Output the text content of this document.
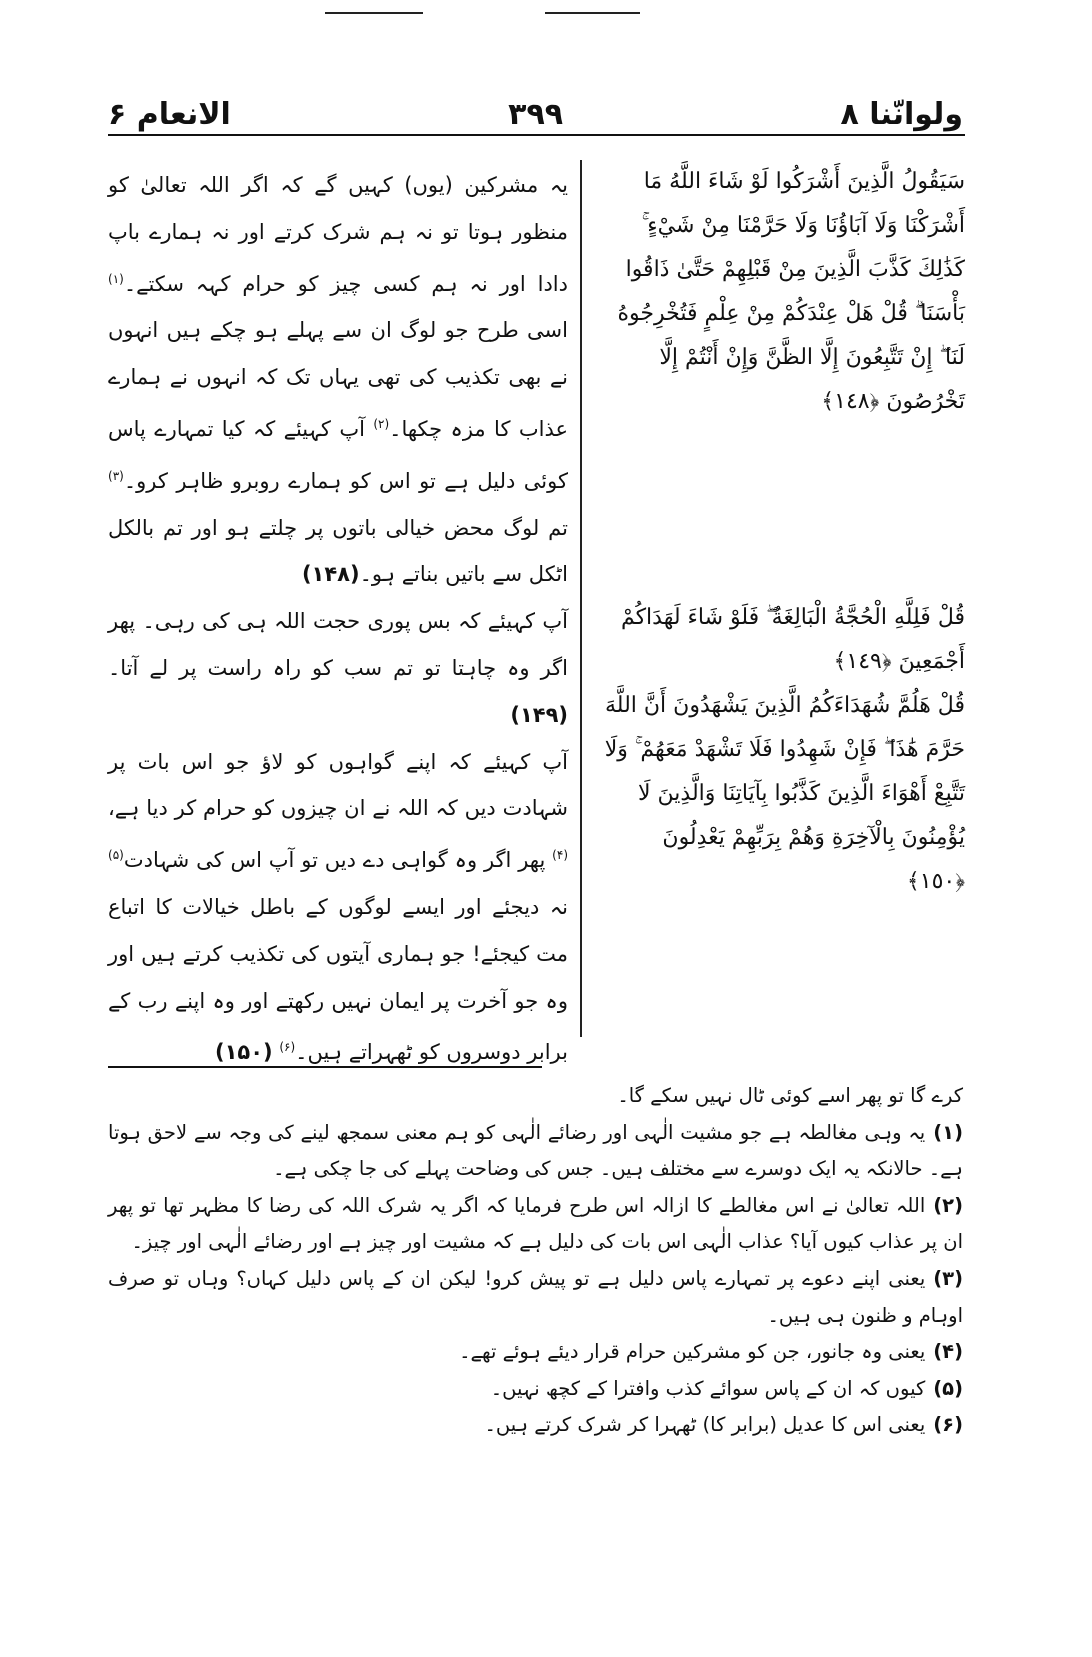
الانعام ۶	۳۹۹	ولوانّنا ۸

سَيَقُولُ الَّذِينَ أَشْرَكُوا لَوْ شَاءَ اللَّهُ مَا أَشْرَكْنَا وَلَا آبَاؤُنَا وَلَا حَرَّمْنَا مِنْ شَيْءٍ ۚ كَذَٰلِكَ كَذَّبَ الَّذِينَ مِنْ قَبْلِهِمْ حَتَّىٰ ذَاقُوا بَأْسَنَا ۗ قُلْ هَلْ عِنْدَكُمْ مِنْ عِلْمٍ فَتُخْرِجُوهُ لَنَا ۖ إِنْ تَتَّبِعُونَ إِلَّا الظَّنَّ وَإِنْ أَنْتُمْ إِلَّا تَخْرُصُونَ ﴿١٤٨﴾

قُلْ فَلِلَّهِ الْحُجَّةُ الْبَالِغَةُ ۖ فَلَوْ شَاءَ لَهَدَاكُمْ أَجْمَعِينَ ﴿١٤٩﴾

قُلْ هَلُمَّ شُهَدَاءَكُمُ الَّذِينَ يَشْهَدُونَ أَنَّ اللَّهَ حَرَّمَ هَٰذَا ۖ فَإِنْ شَهِدُوا فَلَا تَشْهَدْ مَعَهُمْ ۚ وَلَا تَتَّبِعْ أَهْوَاءَ الَّذِينَ كَذَّبُوا بِآيَاتِنَا وَالَّذِينَ لَا يُؤْمِنُونَ بِالْآخِرَةِ وَهُمْ بِرَبِّهِمْ يَعْدِلُونَ ﴿١٥٠﴾

یہ مشرکین (یوں) کہیں گے کہ اگر اللہ تعالیٰ کو منظور ہوتا تو نہ ہم شرک کرتے اور نہ ہمارے باپ دادا اور نہ ہم کسی چیز کو حرام کہہ سکتے۔$^{(۱)}$ اسی طرح جو لوگ ان سے پہلے ہو چکے ہیں انہوں نے بھی تکذیب کی تھی یہاں تک کہ انہوں نے ہمارے عذاب کا مزہ چکھا۔$^{(۲)}$ آپ کہیئے کہ کیا تمہارے پاس کوئی دلیل ہے تو اس کو ہمارے روبرو ظاہر کرو۔$^{(۳)}$ تم لوگ محض خیالی باتوں پر چلتے ہو اور تم بالکل اٹکل سے باتیں بناتے ہو۔(۱۴۸)

آپ کہیئے کہ بس پوری حجت اللہ ہی کی رہی۔ پھر اگر وہ چاہتا تو تم سب کو راہ راست پر لے آتا۔(۱۴۹)

آپ کہیئے کہ اپنے گواہوں کو لاؤ جو اس بات پر شہادت دیں کہ اللہ نے ان چیزوں کو حرام کر دیا ہے،$^{(۴)}$ پھر اگر وہ گواہی دے دیں تو آپ اس کی شہادت$^{(۵)}$ نہ دیجئے اور ایسے لوگوں کے باطل خیالات کا اتباع مت کیجئے! جو ہماری آیتوں کی تکذیب کرتے ہیں اور وہ جو آخرت پر ایمان نہیں رکھتے اور وہ اپنے رب کے برابر دوسروں کو ٹھہراتے ہیں۔$^{(۶)}$ (۱۵۰)

کرے گا تو پھر اسے کوئی ٹال نہیں سکے گا۔

(۱)یہ وہی مغالطہ ہے جو مشیت الٰہی اور رضائے الٰہی کو ہم معنی سمجھ لینے کی وجہ سے لاحق ہوتا ہے۔ حالانکہ یہ ایک دوسرے سے مختلف ہیں۔ جس کی وضاحت پہلے کی جا چکی ہے۔

(۲)اللہ تعالیٰ نے اس مغالطے کا ازالہ اس طرح فرمایا کہ اگر یہ شرک اللہ کی رضا کا مظہر تھا تو پھر ان پر عذاب کیوں آیا؟ عذاب الٰہی اس بات کی دلیل ہے کہ مشیت اور چیز ہے اور رضائے الٰہی اور چیز۔

(۳)یعنی اپنے دعوے پر تمہارے پاس دلیل ہے تو پیش کرو! لیکن ان کے پاس دلیل کہاں؟ وہاں تو صرف اوہام و ظنون ہی ہیں۔

(۴)یعنی وہ جانور، جن کو مشرکین حرام قرار دیئے ہوئے تھے۔

(۵)کیوں کہ ان کے پاس سوائے کذب وافترا کے کچھ نہیں۔

(۶)یعنی اس کا عدیل (برابر کا) ٹھہرا کر شرک کرتے ہیں۔
